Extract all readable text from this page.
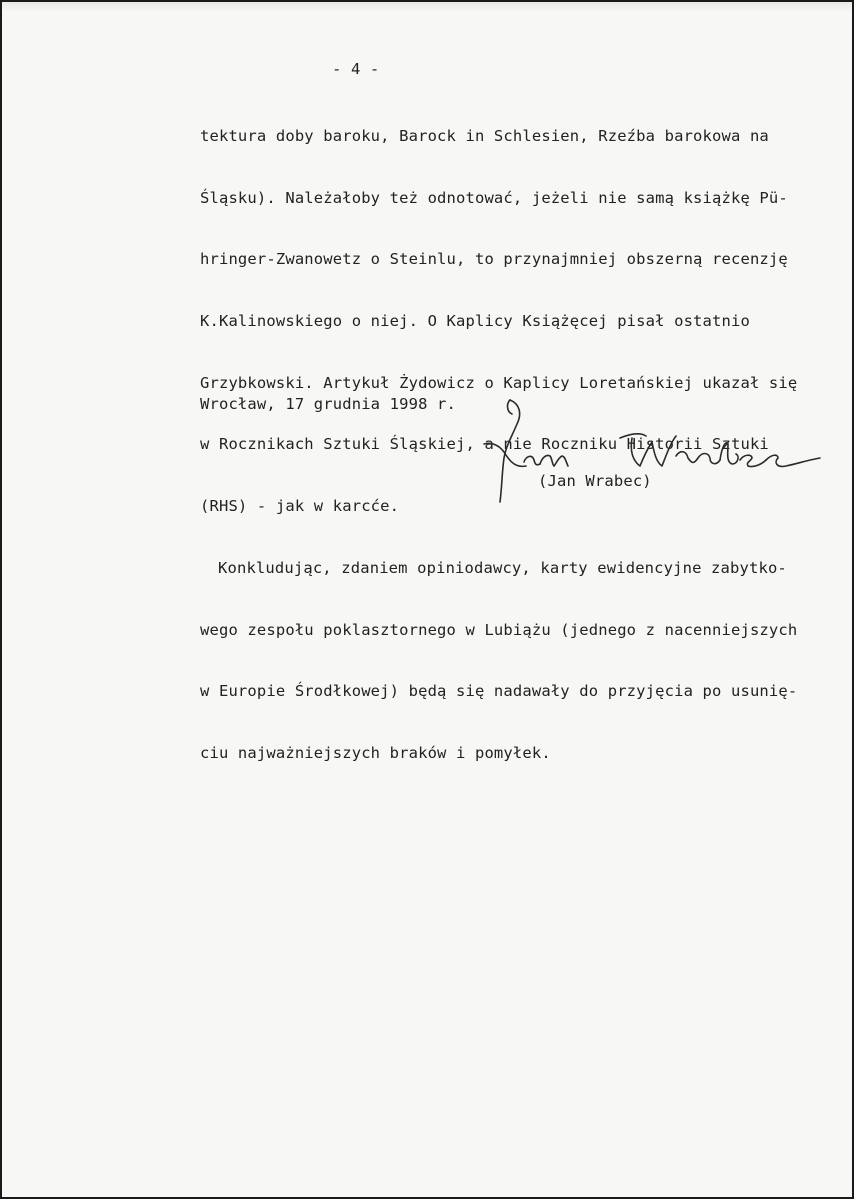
- 4 -

tektura doby baroku, Barock in Schlesien, Rzeźba barokowa na

Śląsku). Należałoby też odnotować, jeżeli nie samą książkę Pü-

hringer-Zwanowetz o Steinlu, to przynajmniej obszerną recenzję

K.Kalinowskiego o niej. O Kaplicy Książęcej pisał ostatnio

Grzybkowski. Artykuł Żydowicz o Kaplicy Loretańskiej ukazał się

w Rocznikach Sztuki Śląskiej, a nie Roczniku Historii Sztuki

(RHS) - jak w karcće.

Konkludując, zdaniem opiniodawcy, karty ewidencyjne zabytko-

wego zespołu poklasztornego w Lubiążu (jednego z nacenniejszych

w Europie Środłkowej) będą się nadawały do przyjęcia po usunię-

ciu najważniejszych braków i pomyłek.

Wrocław, 17 grudnia 1998 r.
(Jan Wrabec)
